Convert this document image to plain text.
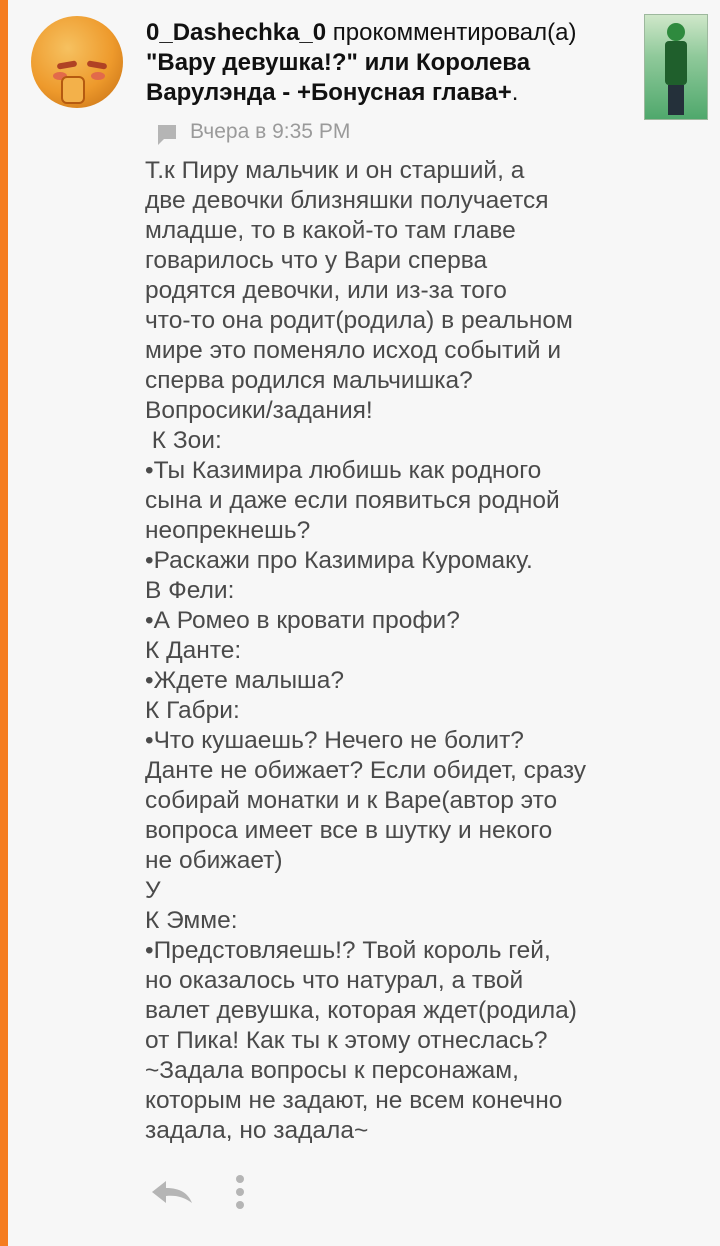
0_Dashechka_0 прокомментировал(а) "Вару девушка!?" или Королева Варулэнда - +Бонусная глава+.
Вчера в 9:35 PM
Т.к Пиру мальчик и он старший, а
две девочки близняшки получается
младше, то в какой-то там главе
говарилось что у Вари сперва
родятся девочки, или из-за того
что-то она родит(родила) в реальном
мире это поменяло исход событий и
сперва родился мальчишка?
Вопросики/задания!
К Зои:
•Ты Казимира любишь как родного
сына и даже если появиться родной
неопрекнешь?
•Раскажи про Казимира Куромаку.
В Фели:
•А Ромео в кровати профи?
К Данте:
•Ждете малыша?
К Габри:
•Что кушаешь? Нечего не болит?
Данте не обижает? Если обидет, сразу
собирай монатки и к Варе(автор это
вопроса имеет все в шутку и некого
не обижает)
У
К Эмме:
•Предстовляешь!? Твой король гей,
но оказалось что натурал, а твой
валет девушка, которая ждет(родила)
от Пика! Как ты к этому отнеслась?
~Задала вопросы к персонажам,
которым не задают, не всем конечно
задала, но задала~
